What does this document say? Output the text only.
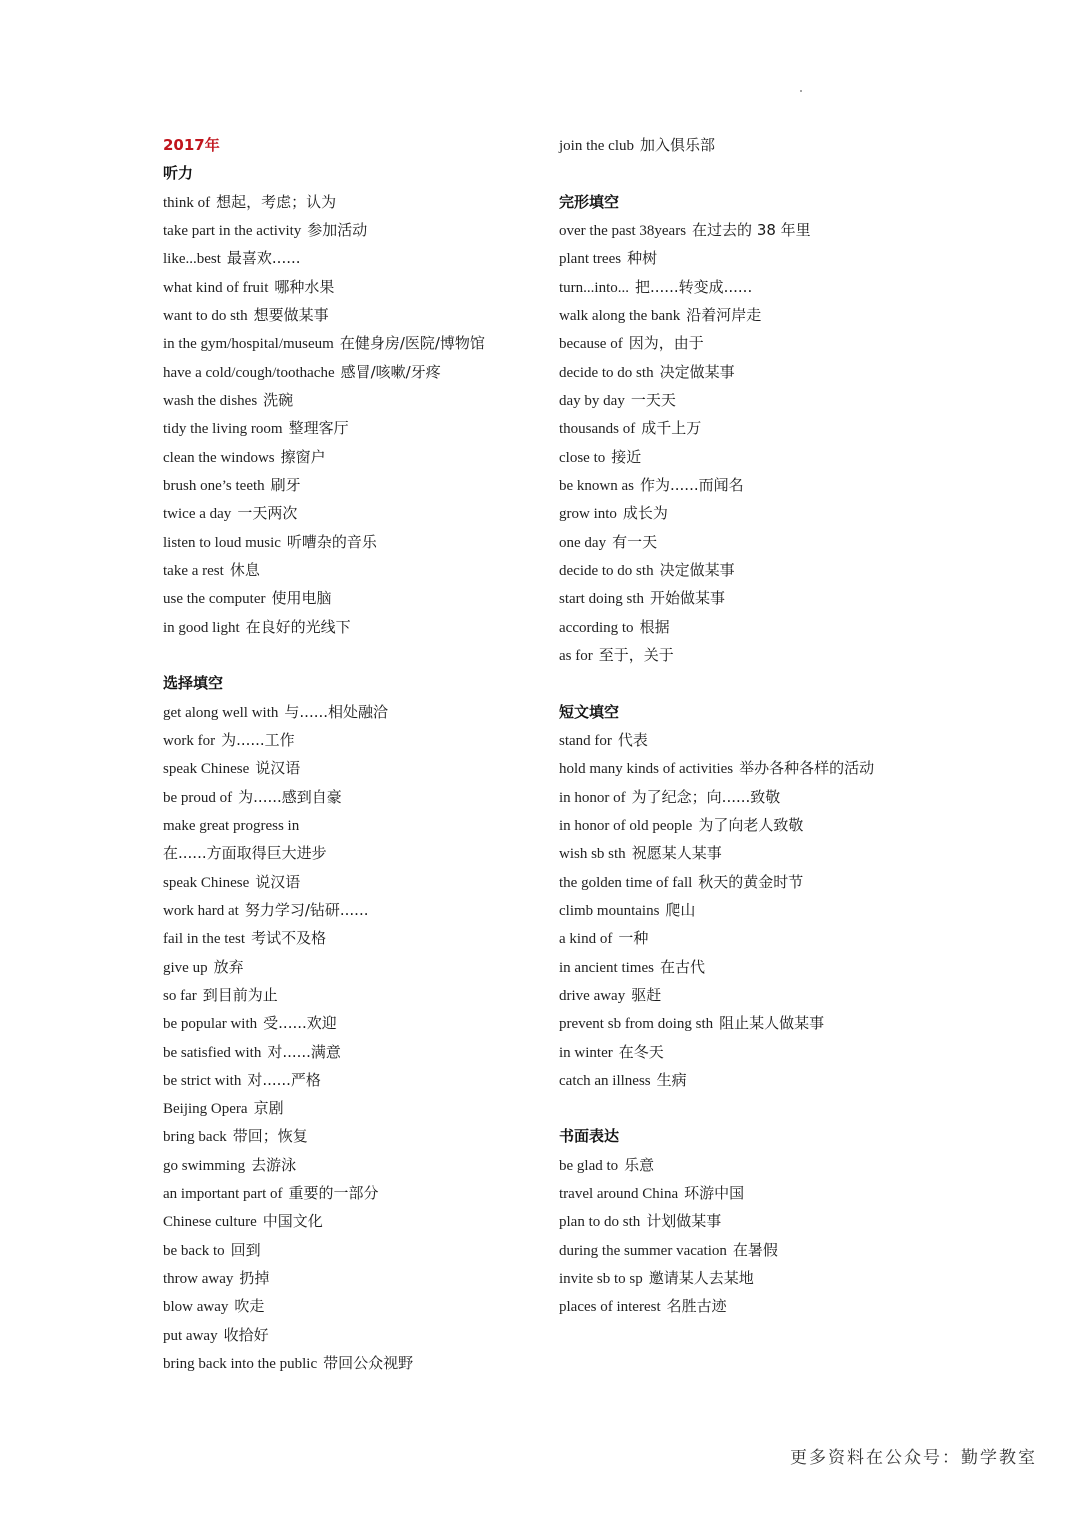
2017年
听力
think of 想起，考虑；认为
take part in the activity 参加活动
like...best 最喜欢......
what kind of fruit 哪种水果
want to do sth 想要做某事
in the gym/hospital/museum 在健身房/医院/博物馆
have a cold/cough/toothache 感冒/咳嗽/牙疼
wash the dishes 洗碗
tidy the living room 整理客厅
clean the windows 擦窗户
brush one’s teeth 刷牙
twice a day 一天两次
listen to loud music 听嘈杂的音乐
take a rest 休息
use the computer 使用电脑
in good light 在良好的光线下
选择填空
get along well with 与......相处融洽
work for 为......工作
speak Chinese 说汉语
be proud of 为......感到自豪
make great progress in
在......方面取得巨大进步
speak Chinese 说汉语
work hard at 努力学习/钻研......
fail in the test 考试不及格
give up 放弃
so far 到目前为止
be popular with 受......欢迎
be satisfied with 对......满意
be strict with 对......严格
Beijing Opera 京剧
bring back 带回；恢复
go swimming 去游泳
an important part of 重要的一部分
Chinese culture 中国文化
be back to 回到
throw away 扔掉
blow away 吹走
put away 收拾好
bring back into the public 带回公众视野
join the club 加入俱乐部
完形填空
over the past 38years 在过去的 38 年里
plant trees 种树
turn...into... 把......转变成......
walk along the bank 沿着河岸走
because of 因为，由于
decide to do sth 决定做某事
day by day 一天天
thousands of 成千上万
close to 接近
be known as 作为......而闻名
grow into 成长为
one day 有一天
decide to do sth 决定做某事
start doing sth 开始做某事
according to 根据
as for 至于，关于
短文填空
stand for 代表
hold many kinds of activities 举办各种各样的活动
in honor of 为了纪念；向......致敬
in honor of old people 为了向老人致敬
wish sb sth 祝愿某人某事
the golden time of fall 秋天的黄金时节
climb mountains 爬山
a kind of 一种
in ancient times 在古代
drive away 驱赶
prevent sb from doing sth 阻止某人做某事
in winter 在冬天
catch an illness 生病
书面表达
be glad to 乐意
travel around China 环游中国
plan to do sth 计划做某事
during the summer vacation 在暑假
invite sb to sp 邀请某人去某地
places of interest 名胜古迹
更多资料在公众号：勤学教室
